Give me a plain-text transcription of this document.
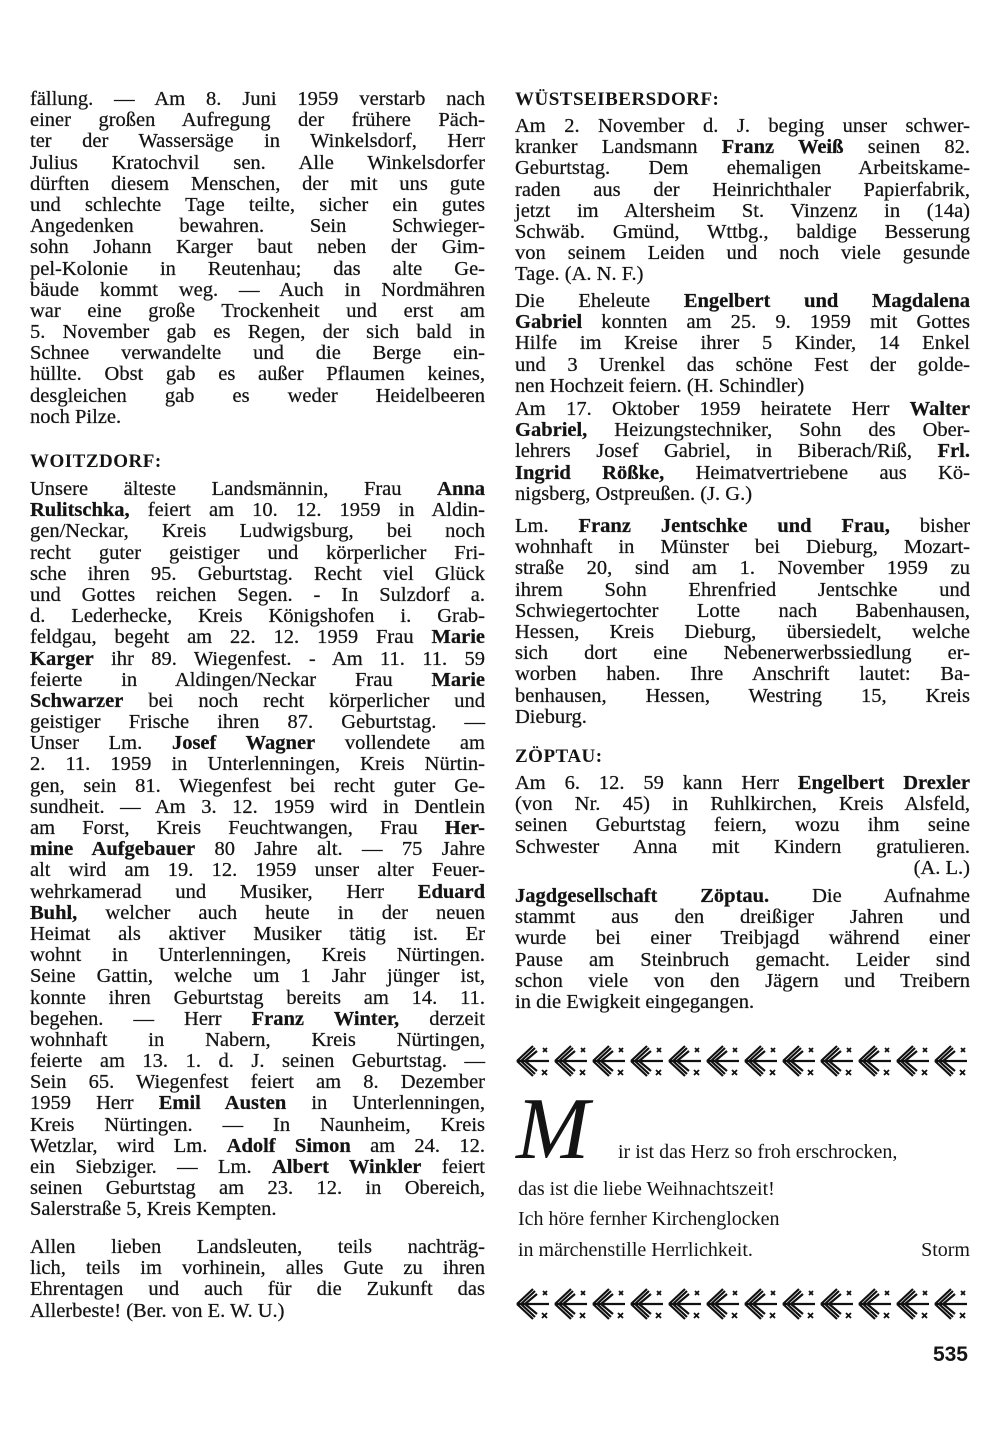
fällung. — Am 8. Juni 1959 verstarb nach
einer großen Aufregung der frühere Päch-
ter der Wassersäge in Winkelsdorf, Herr
Julius Kratochvil sen. Alle Winkelsdorfer
dürften diesem Menschen, der mit uns gute
und schlechte Tage teilte, sicher ein gutes
Angedenken bewahren. Sein Schwieger-
sohn Johann Karger baut neben der Gim-
pel-Kolonie in Reutenhau; das alte Ge-
bäude kommt weg. — Auch in Nordmähren
war eine große Trockenheit und erst am
5. November gab es Regen, der sich bald in
Schnee verwandelte und die Berge ein-
hüllte. Obst gab es außer Pflaumen keines,
desgleichen gab es weder Heidelbeeren
noch Pilze.
WOITZDORF:
Unsere älteste Landsmännin, Frau Anna
Rulitschka, feiert am 10. 12. 1959 in Aldin-
gen/Neckar, Kreis Ludwigsburg, bei noch
recht guter geistiger und körperlicher Fri-
sche ihren 95. Geburtstag. Recht viel Glück
und Gottes reichen Segen. - In Sulzdorf a.
d. Lederhecke, Kreis Königshofen i. Grab-
feldgau, begeht am 22. 12. 1959 Frau Marie
Karger ihr 89. Wiegenfest. - Am 11. 11. 59
feierte in Aldingen/Neckar Frau Marie
Schwarzer bei noch recht körperlicher und
geistiger Frische ihren 87. Geburtstag. —
Unser Lm. Josef Wagner vollendete am
2. 11. 1959 in Unterlenningen, Kreis Nürtin-
gen, sein 81. Wiegenfest bei recht guter Ge-
sundheit. — Am 3. 12. 1959 wird in Dentlein
am Forst, Kreis Feuchtwangen, Frau Her-
mine Aufgebauer 80 Jahre alt. — 75 Jahre
alt wird am 19. 12. 1959 unser alter Feuer-
wehrkamerad und Musiker, Herr Eduard
Buhl, welcher auch heute in der neuen
Heimat als aktiver Musiker tätig ist. Er
wohnt in Unterlenningen, Kreis Nürtingen.
Seine Gattin, welche um 1 Jahr jünger ist,
konnte ihren Geburtstag bereits am 14. 11.
begehen. — Herr Franz Winter, derzeit
wohnhaft in Nabern, Kreis Nürtingen,
feierte am 13. 1. d. J. seinen Geburtstag. —
Sein 65. Wiegenfest feiert am 8. Dezember
1959 Herr Emil Austen in Unterlenningen,
Kreis Nürtingen. — In Naunheim, Kreis
Wetzlar, wird Lm. Adolf Simon am 24. 12.
ein Siebziger. — Lm. Albert Winkler feiert
seinen Geburtstag am 23. 12. in Obereich,
Salerstraße 5, Kreis Kempten.
Allen lieben Landsleuten, teils nachträg-
lich, teils im vorhinein, alles Gute zu ihren
Ehrentagen und auch für die Zukunft das
Allerbeste! (Ber. von E. W. U.)
WÜSTSEIBERSDORF:
Am 2. November d. J. beging unser schwer-
kranker Landsmann Franz Weiß seinen 82.
Geburtstag. Dem ehemaligen Arbeitskame-
raden aus der Heinrichthaler Papierfabrik,
jetzt im Altersheim St. Vinzenz in (14a)
Schwäb. Gmünd, Wttbg., baldige Besserung
von seinem Leiden und noch viele gesunde
Tage. (A. N. F.)
Die Eheleute Engelbert und Magdalena
Gabriel konnten am 25. 9. 1959 mit Gottes
Hilfe im Kreise ihrer 5 Kinder, 14 Enkel
und 3 Urenkel das schöne Fest der golde-
nen Hochzeit feiern. (H. Schindler)
Am 17. Oktober 1959 heiratete Herr Walter
Gabriel, Heizungstechniker, Sohn des Ober-
lehrers Josef Gabriel, in Biberach/Riß, Frl.
Ingrid Rößke, Heimatvertriebene aus Kö-
nigsberg, Ostpreußen. (J. G.)
Lm. Franz Jentschke und Frau, bisher
wohnhaft in Münster bei Dieburg, Mozart-
straße 20, sind am 1. November 1959 zu
ihrem Sohn Ehrenfried Jentschke und
Schwiegertochter Lotte nach Babenhausen,
Hessen, Kreis Dieburg, übersiedelt, welche
sich dort eine Nebenerwerbssiedlung er-
worben haben. Ihre Anschrift lautet: Ba-
benhausen, Hessen, Westring 15, Kreis
Dieburg.
ZÖPTAU:
Am 6. 12. 59 kann Herr Engelbert Drexler
(von Nr. 45) in Ruhlkirchen, Kreis Alsfeld,
seinen Geburtstag feiern, wozu ihm seine
Schwester Anna mit Kindern gratulieren.
(A. L.)
Jagdgesellschaft Zöptau. Die Aufnahme
stammt aus den dreißiger Jahren und
wurde bei einer Treibjagd während einer
Pause am Steinbruch gemacht. Leider sind
schon viele von den Jägern und Treibern
in die Ewigkeit eingegangen.
M ir ist das Herz so froh erschrocken,
das ist die liebe Weihnachtszeit!
Ich höre fernher Kirchenglocken
in märchenstille Herrlichkeit.	Storm
535
